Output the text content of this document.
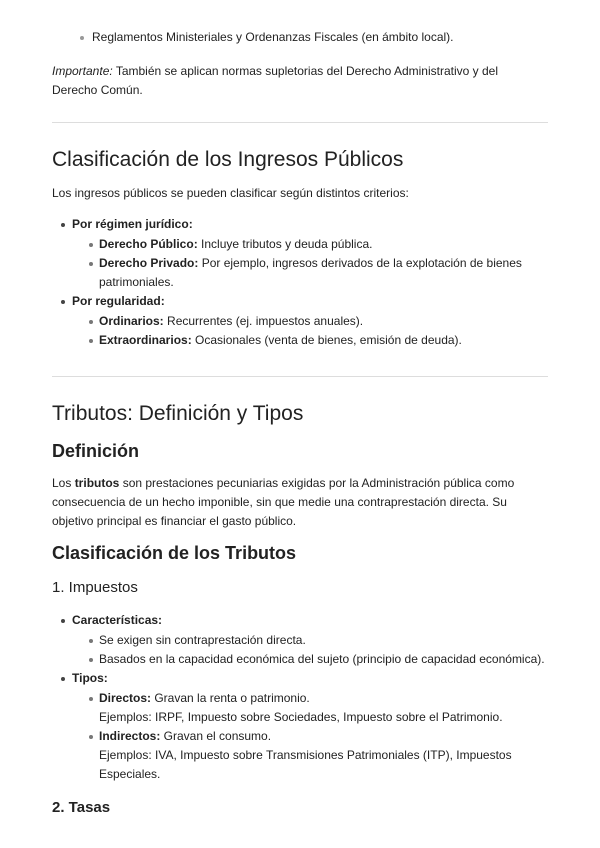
Reglamentos Ministeriales y Ordenanzas Fiscales (en ámbito local).

Importante: También se aplican normas supletorias del Derecho Administrativo y del Derecho Común.

Clasificación de los Ingresos Públicos

Los ingresos públicos se pueden clasificar según distintos criterios:

Por régimen jurídico:
Derecho Público: Incluye tributos y deuda pública.
Derecho Privado: Por ejemplo, ingresos derivados de la explotación de bienes patrimoniales.
Por regularidad:
Ordinarios: Recurrentes (ej. impuestos anuales).
Extraordinarios: Ocasionales (venta de bienes, emisión de deuda).
Tributos: Definición y Tipos
Definición

Los tributos son prestaciones pecuniarias exigidas por la Administración pública como consecuencia de un hecho imponible, sin que medie una contraprestación directa. Su objetivo principal es financiar el gasto público.

Clasificación de los Tributos
1. Impuestos
Características:
Se exigen sin contraprestación directa.
Basados en la capacidad económica del sujeto (principio de capacidad económica).
Tipos:
Directos: Gravan la renta o patrimonio.
Ejemplos: IRPF, Impuesto sobre Sociedades, Impuesto sobre el Patrimonio.
Indirectos: Gravan el consumo.
Ejemplos: IVA, Impuesto sobre Transmisiones Patrimoniales (ITP), Impuestos Especiales.
2. Tasas
